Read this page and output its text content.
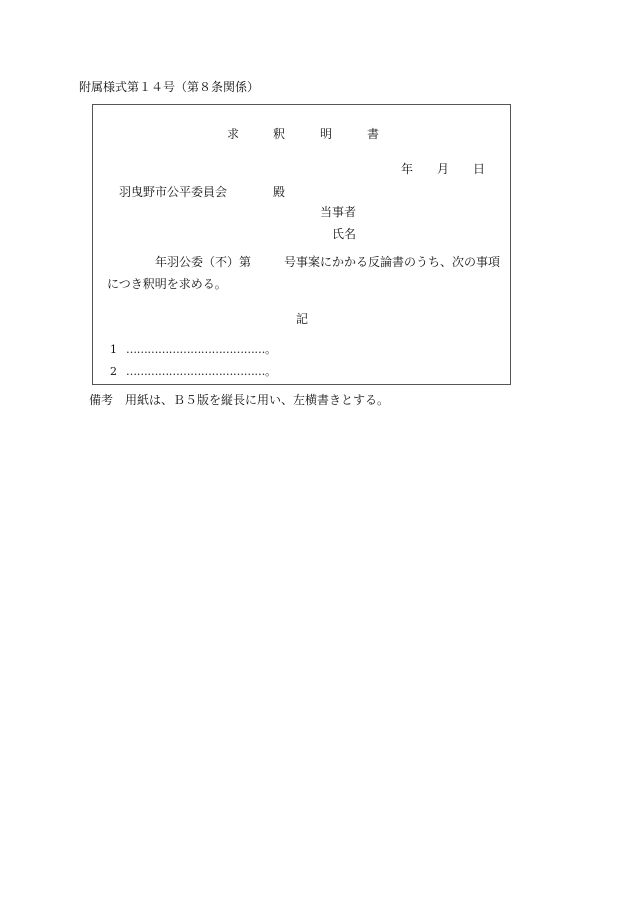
附属様式第１４号（第８条関係）
求	釈	明	書
年 月 日
羽曳野市公平委員会	殿
当事者
氏名
年羽公委（不）第	号事案にかかる反論書のうち、次の事項
につき釈明を求める。
記
1 …………………………………。
2 …………………………………。
備考　用紙は、Ｂ５版を縦長に用い、左横書きとする。
